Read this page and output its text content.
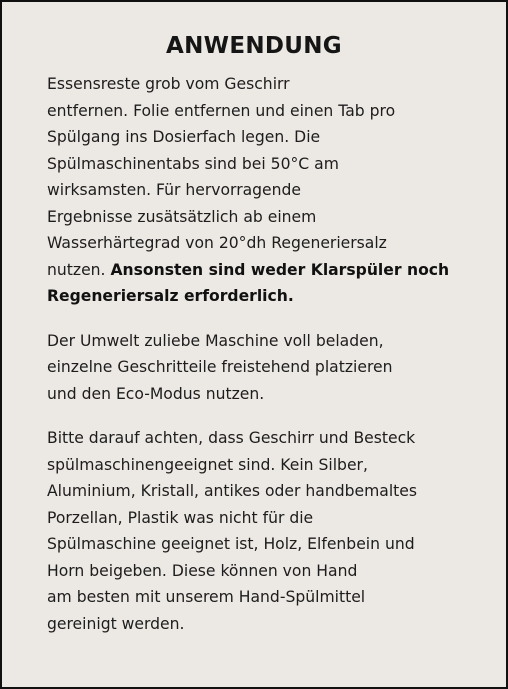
ANWENDUNG

Essensreste grob vom Geschirr
entfernen. Folie entfernen und einen Tab pro
Spülgang ins Dosierfach legen. Die
Spülmaschinentabs sind bei 50°C am
wirksamsten. Für hervorragende
Ergebnisse zusätsätzlich ab einem
Wasserhärtegrad von 20°dh Regeneriersalz
nutzen. Ansonsten sind weder Klarspüler noch
Regeneriersalz erforderlich.

Der Umwelt zuliebe Maschine voll beladen,
einzelne Geschritteile freistehend platzieren
und den Eco-Modus nutzen.

Bitte darauf achten, dass Geschirr und Besteck
spülmaschinengeeignet sind. Kein Silber,
Aluminium, Kristall, antikes oder handbemaltes
Porzellan, Plastik was nicht für die
Spülmaschine geeignet ist, Holz, Elfenbein und
Horn beigeben. Diese können von Hand
am besten mit unserem Hand-Spülmittel
gereinigt werden.
